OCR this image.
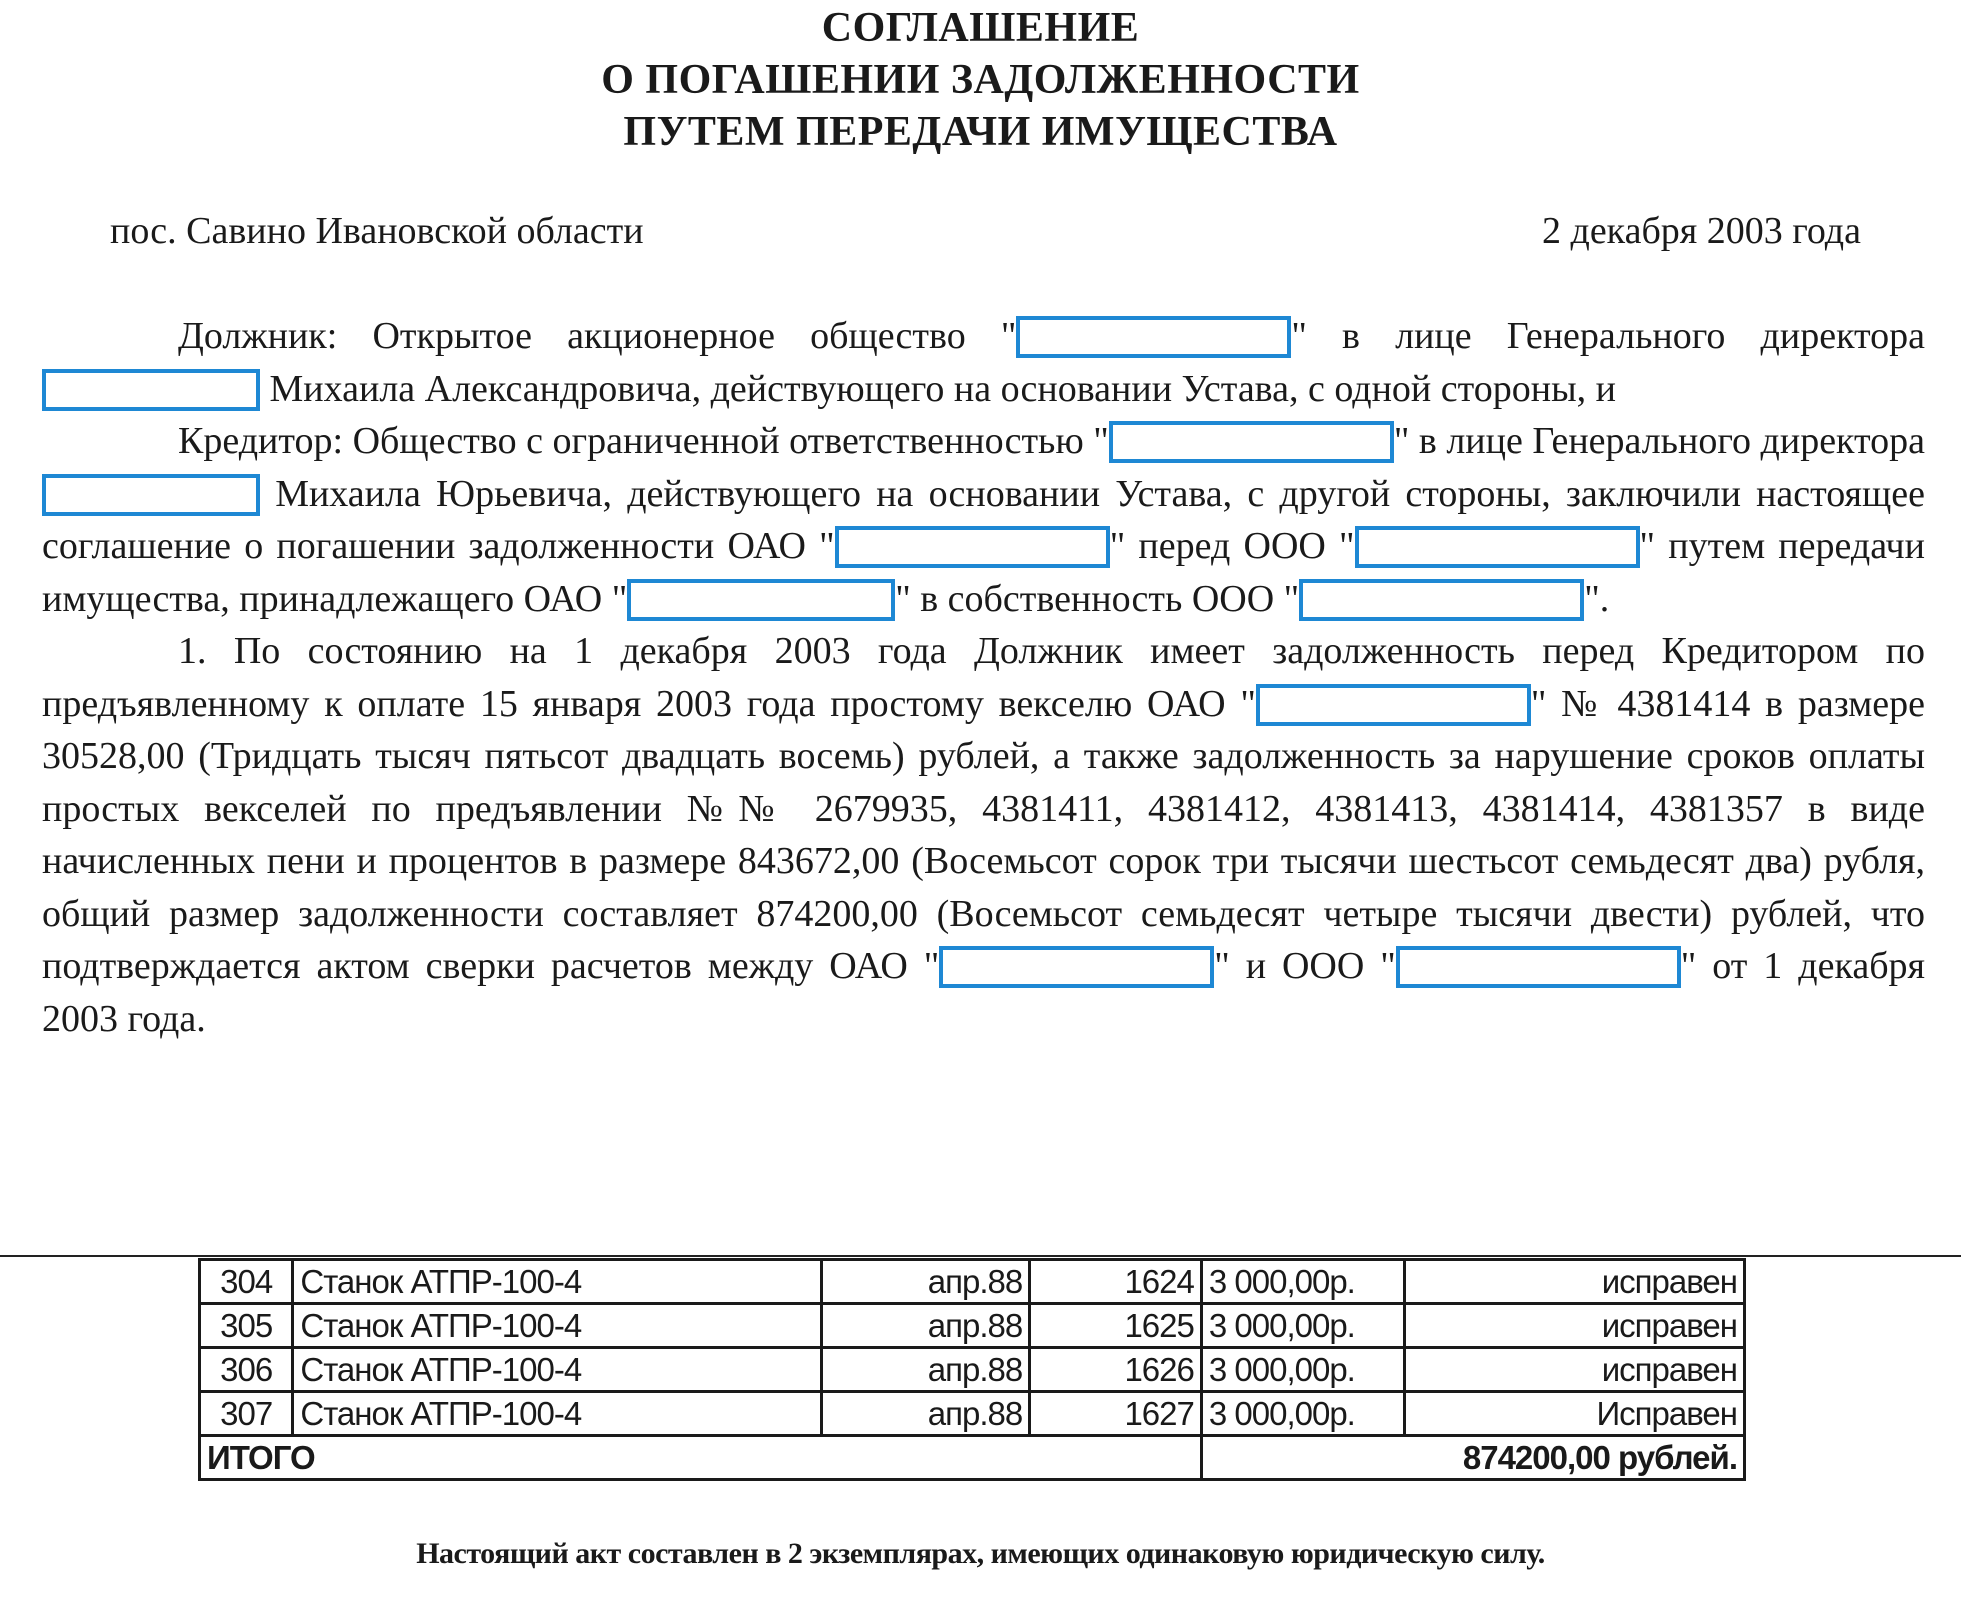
СОГЛАШЕНИЕ
О ПОГАШЕНИИ ЗАДОЛЖЕННОСТИ
ПУТЕМ ПЕРЕДАЧИ ИМУЩЕСТВА
пос. Савино Ивановской области	2 декабря 2003 года

Должник: Открытое акционерное общество "	" в лице Генерального директора  Михаила Александровича, действующего на основании Устава, с одной стороны, и

Кредитор: Общество с ограниченной ответственностью "	" в лице Генерального директора  Михаила Юрьевича, действующего на основании Устава, с другой стороны, заключили настоящее соглашение о погашении задолженности ОАО "	" перед ООО "	" путем передачи имущества, принадлежащего ОАО "	" в собственность ООО "	".

1. По состоянию на 1 декабря 2003 года Должник имеет задолженность перед Кредитором по предъявленному к оплате 15 января 2003 года простому векселю ОАО "	" № 4381414 в размере 30528,00 (Тридцать тысяч пятьсот двадцать восемь) рублей, а также задолженность за нарушение сроков оплаты простых векселей по предъявлении №№ 2679935, 4381411, 4381412, 4381413, 4381414, 4381357 в виде начисленных пени и процентов в размере 843672,00 (Восемьсот сорок три тысячи шестьсот семьдесят два) рубля, общий размер задолженности составляет 874200,00 (Восемьсот семьдесят четыре тысячи двести) рублей, что подтверждается актом сверки расчетов между ОАО "	" и ООО "	" от 1 декабря 2003 года.

304	Станок АТПР-100-4	апр.88	1624	3 000,00р.	исправен
305	Станок АТПР-100-4	апр.88	1625	3 000,00р.	исправен
306	Станок АТПР-100-4	апр.88	1626	3 000,00р.	исправен
307	Станок АТПР-100-4	апр.88	1627	3 000,00р.	Исправен
ИТОГО				874200,00 рублей.	
Настоящий акт составлен в 2 экземплярах, имеющих одинаковую юридическую силу.
